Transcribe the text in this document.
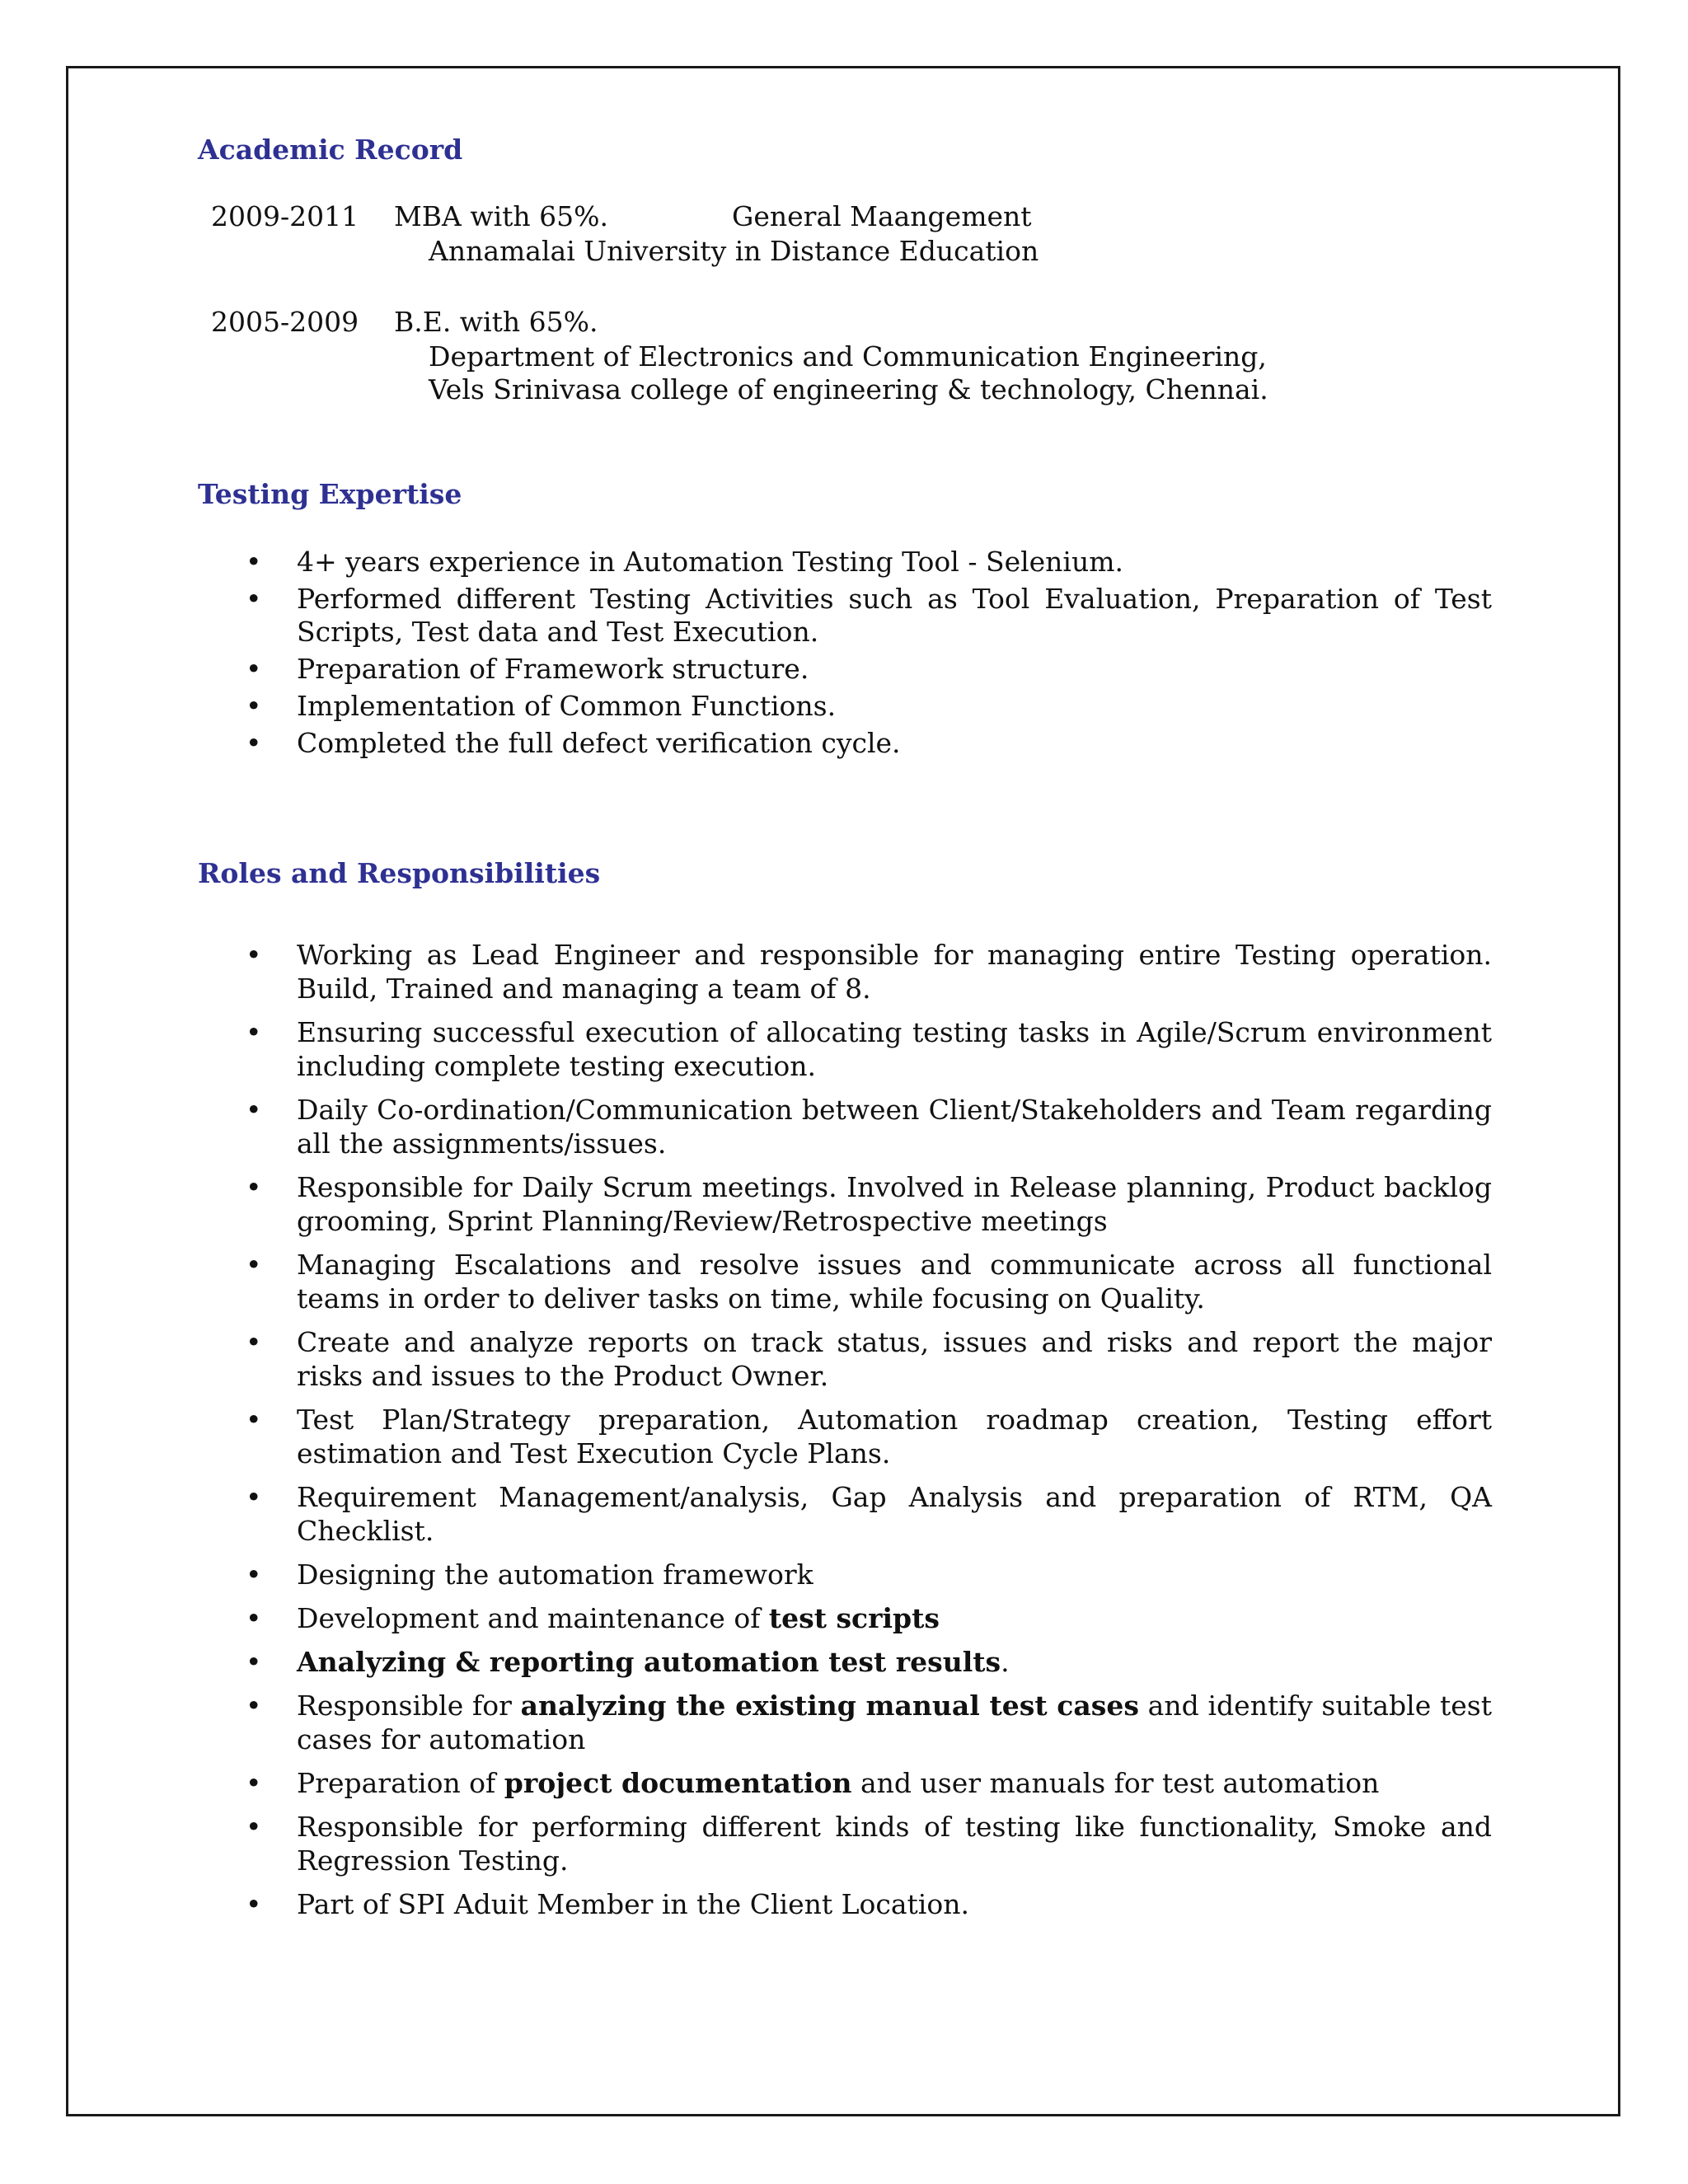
Academic Record
2009-2011 MBA with 65%.	General Maangement
Annamalai University in Distance Education
2005-2009 B.E. with 65%.
Department of Electronics and Communication Engineering,
Vels Srinivasa college of engineering & technology, Chennai.
Testing Expertise
• 4+ years experience in Automation Testing Tool - Selenium.
• Performed different Testing Activities such as Tool Evaluation, Preparation of Test Scripts, Test data and Test Execution.
• Preparation of Framework structure.
• Implementation of Common Functions.
• Completed the full defect verification cycle.
Roles and Responsibilities
• Working as Lead Engineer and responsible for managing entire Testing operation. Build, Trained and managing a team of 8.
• Ensuring successful execution of allocating testing tasks in Agile/Scrum environment including complete testing execution.
• Daily Co-ordination/Communication between Client/Stakeholders and Team regarding all the assignments/issues.
• Responsible for Daily Scrum meetings. Involved in Release planning, Product backlog grooming, Sprint Planning/Review/Retrospective meetings
• Managing Escalations and resolve issues and communicate across all functional teams in order to deliver tasks on time, while focusing on Quality.
• Create and analyze reports on track status, issues and risks and report the major risks and issues to the Product Owner.
• Test Plan/Strategy preparation, Automation roadmap creation, Testing effort estimation and Test Execution Cycle Plans.
• Requirement Management/analysis, Gap Analysis and preparation of RTM, QA Checklist.
• Designing the automation framework
• Development and maintenance of test scripts
• Analyzing & reporting automation test results.
• Responsible for analyzing the existing manual test cases and identify suitable test cases for automation
• Preparation of project documentation and user manuals for test automation
• Responsible for performing different kinds of testing like functionality, Smoke and Regression Testing.
• Part of SPI Aduit Member in the Client Location.
